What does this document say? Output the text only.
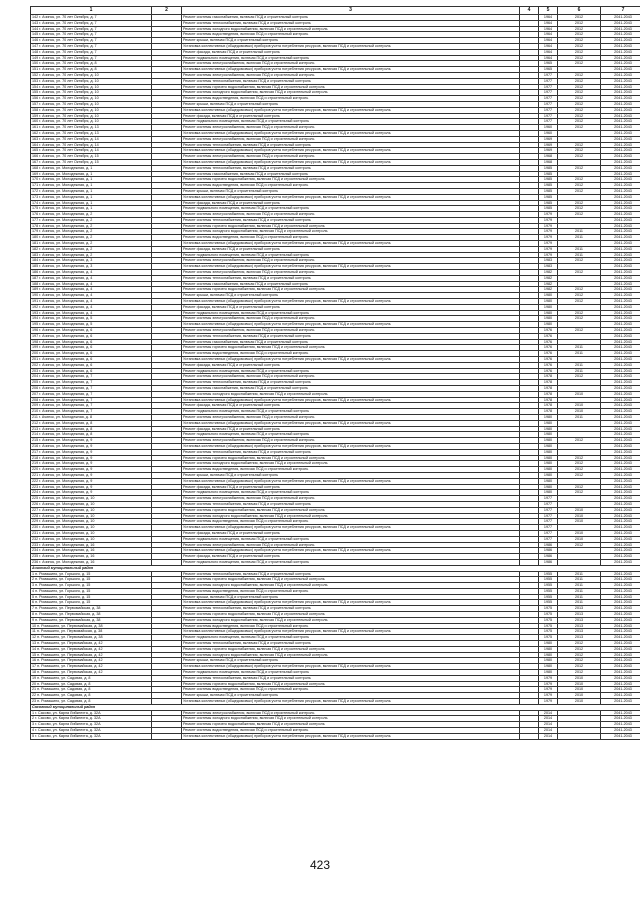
1	2	3	4	5	6	7
142 г. Ачинск, ул. 70 лет Октября, д. 7		Ремонт системы газоснабжения, включая ПСД и строительный контроль		1964	2012	2041-2043
143 г. Ачинск, ул. 70 лет Октября, д. 7		Ремонт системы теплоснабжения, включая ПСД и строительный контроль		1964	2012	2041-2043
144 г. Ачинск, ул. 70 лет Октября, д. 7		Ремонт системы холодного водоснабжения, включая ПСД и строительный контроль		1964	2012	2041-2043
145 г. Ачинск, ул. 70 лет Октября, д. 7		Ремонт системы водоотведения, включая ПСД и строительный контроль		1964	2012	2041-2043
146 г. Ачинск, ул. 70 лет Октября, д. 7		Ремонт крыши, включая ПСД и строительный контроль		1964	2012	2041-2043
147 г. Ачинск, ул. 70 лет Октября, д. 7		Установка коллективных (общедомовых) приборов учета потребления ресурсов, включая ПСД и строительный контроль		1964	2012	2041-2043
148 г. Ачинск, ул. 70 лет Октября, д. 7		Ремонт фасада, включая ПСД и строительный контроль		1964	2012	2041-2043
149 г. Ачинск, ул. 70 лет Октября, д. 7		Ремонт подвального помещения, включая ПСД и строительный контроль		1964	2012	2041-2043
150 г. Ачинск, ул. 70 лет Октября, д. 8		Ремонт системы электроснабжения, включая ПСД и строительный контроль		1965	2012	2041-2043
151 г. Ачинск, ул. 70 лет Октября, д. 8		Установка коллективных (общедомовых) приборов учета потребления ресурсов, включая ПСД и строительный контроль		1965		2041-2043
152 г. Ачинск, ул. 70 лет Октября, д. 10		Ремонт системы электроснабжения, включая ПСД и строительный контроль		1977	2012	2041-2043
153 г. Ачинск, ул. 70 лет Октября, д. 10		Ремонт системы теплоснабжения, включая ПСД и строительный контроль		1977	2012	2041-2043
154 г. Ачинск, ул. 70 лет Октября, д. 10		Ремонт системы горячего водоснабжения, включая ПСД и строительный контроль		1977	2012	2041-2043
155 г. Ачинск, ул. 70 лет Октября, д. 10		Ремонт системы холодного водоснабжения, включая ПСД и строительный контроль		1977	2012	2041-2043
156 г. Ачинск, ул. 70 лет Октября, д. 10		Ремонт системы водоотведения, включая ПСД и строительный контроль		1977	2012	2041-2043
157 г. Ачинск, ул. 70 лет Октября, д. 10		Ремонт крыши, включая ПСД и строительный контроль		1977	2012	2041-2043
158 г. Ачинск, ул. 70 лет Октября, д. 10		Установка коллективных (общедомовых) приборов учета потребления ресурсов, включая ПСД и строительный контроль		1977	2012	2041-2043
159 г. Ачинск, ул. 70 лет Октября, д. 10		Ремонт фасада, включая ПСД и строительный контроль		1977	2012	2041-2043
160 г. Ачинск, ул. 70 лет Октября, д. 10		Ремонт подвального помещения, включая ПСД и строительный контроль		1977	2012	2041-2043
161 г. Ачинск, ул. 70 лет Октября, д. 13		Ремонт системы электроснабжения, включая ПСД и строительный контроль		1960	2012	2041-2043
162 г. Ачинск, ул. 70 лет Октября, д. 13		Установка коллективных (общедомовых) приборов учета потребления ресурсов, включая ПСД и строительный контроль		1960		2041-2043
163 г. Ачинск, ул. 70 лет Октября, д. 14		Ремонт системы электроснабжения, включая ПСД и строительный контроль		1969		2041-2043
164 г. Ачинск, ул. 70 лет Октября, д. 14		Ремонт системы теплоснабжения, включая ПСД и строительный контроль		1969	2012	2041-2043
165 г. Ачинск, ул. 70 лет Октября, д. 14		Установка коллективных (общедомовых) приборов учета потребления ресурсов, включая ПСД и строительный контроль		1969	2012	2041-2043
166 г. Ачинск, ул. 70 лет Октября, д. 15		Ремонт системы электроснабжения, включая ПСД и строительный контроль		1968	2012	2041-2043
167 г. Ачинск, ул. 70 лет Октября, д. 15		Установка коллективных (общедомовых) приборов учета потребления ресурсов, включая ПСД и строительный контроль		1968		2041-2043
168 г. Ачинск, ул. Молодежная, д. 1		Ремонт системы теплоснабжения, включая ПСД и строительный контроль		1985	2012	2041-2043
169 г. Ачинск, ул. Молодежная, д. 1		Ремонт системы газоснабжения, включая ПСД и строительный контроль		1985		2041-2043
170 г. Ачинск, ул. Молодежная, д. 1		Ремонт системы горячего водоснабжения, включая ПСД и строительный контроль		1985	2012	2041-2043
171 г. Ачинск, ул. Молодежная, д. 1		Ремонт системы водоотведения, включая ПСД и строительный контроль		1985	2012	2041-2043
172 г. Ачинск, ул. Молодежная, д. 1		Ремонт крыши, включая ПСД и строительный контроль		1985	2012	2041-2043
173 г. Ачинск, ул. Молодежная, д. 1		Установка коллективных (общедомовых) приборов учета потребления ресурсов, включая ПСД и строительный контроль		1985		2041-2043
174 г. Ачинск, ул. Молодежная, д. 1		Ремонт фасада, включая ПСД и строительный контроль		1985	2012	2041-2043
175 г. Ачинск, ул. Молодежная, д. 1		Ремонт подвального помещения, включая ПСД и строительный контроль		1985	2012	2041-2043
176 г. Ачинск, ул. Молодежная, д. 2		Ремонт системы электроснабжения, включая ПСД и строительный контроль		1979	2012	2041-2043
177 г. Ачинск, ул. Молодежная, д. 2		Ремонт системы теплоснабжения, включая ПСД и строительный контроль		1979		2041-2043
178 г. Ачинск, ул. Молодежная, д. 2		Ремонт системы горячего водоснабжения, включая ПСД и строительный контроль		1979		2041-2043
179 г. Ачинск, ул. Молодежная, д. 2		Ремонт системы холодного водоснабжения, включая ПСД и строительный контроль		1979	2011	2041-2043
180 г. Ачинск, ул. Молодежная, д. 2		Ремонт системы водоотведения, включая ПСД и строительный контроль		1979	2011	2041-2043
181 г. Ачинск, ул. Молодежная, д. 2		Установка коллективных (общедомовых) приборов учета потребления ресурсов, включая ПСД и строительный контроль		1979		2041-2043
182 г. Ачинск, ул. Молодежная, д. 2		Ремонт фасада, включая ПСД и строительный контроль		1979	2011	2041-2043
183 г. Ачинск, ул. Молодежная, д. 2		Ремонт подвального помещения, включая ПСД и строительный контроль		1979	2011	2041-2043
184 г. Ачинск, ул. Молодежная, д. 3		Ремонт системы электроснабжения, включая ПСД и строительный контроль		1983	2012	2041-2043
185 г. Ачинск, ул. Молодежная, д. 3		Установка коллективных (общедомовых) приборов учета потребления ресурсов, включая ПСД и строительный контроль		1983		2041-2043
186 г. Ачинск, ул. Молодежная, д. 4		Ремонт системы электроснабжения, включая ПСД и строительный контроль		1982	2012	2041-2043
187 г. Ачинск, ул. Молодежная, д. 4		Ремонт системы теплоснабжения, включая ПСД и строительный контроль		1982		2041-2043
188 г. Ачинск, ул. Молодежная, д. 4		Ремонт системы газоснабжения, включая ПСД и строительный контроль		1982		2041-2043
189 г. Ачинск, ул. Молодежная, д. 4		Ремонт системы горячего водоснабжения, включая ПСД и строительный контроль		1982	2012	2041-2043
190 г. Ачинск, ул. Молодежная, д. 4		Ремонт крыши, включая ПСД и строительный контроль		1980	2012	2041-2043
191 г. Ачинск, ул. Молодежная, д. 4		Установка коллективных (общедомовых) приборов учета потребления ресурсов, включая ПСД и строительный контроль		1980	2012	2041-2043
192 г. Ачинск, ул. Молодежная, д. 4		Ремонт фасада, включая ПСД и строительный контроль		1980		2041-2043
193 г. Ачинск, ул. Молодежная, д. 4		Ремонт подвального помещения, включая ПСД и строительный контроль		1980	2012	2041-2043
194 г. Ачинск, ул. Молодежная, д. 5		Ремонт системы электроснабжения, включая ПСД и строительный контроль		1980	2012	2041-2043
195 г. Ачинск, ул. Молодежная, д. 5		Установка коллективных (общедомовых) приборов учета потребления ресурсов, включая ПСД и строительный контроль		1980		2041-2043
196 г. Ачинск, ул. Молодежная, д. 6		Ремонт системы электроснабжения, включая ПСД и строительный контроль		1976	2012	2041-2043
197 г. Ачинск, ул. Молодежная, д. 6		Ремонт системы теплоснабжения, включая ПСД и строительный контроль		1976		2041-2043
198 г. Ачинск, ул. Молодежная, д. 6		Ремонт системы газоснабжения, включая ПСД и строительный контроль		1976		2041-2043
199 г. Ачинск, ул. Молодежная, д. 6		Ремонт системы горячего водоснабжения, включая ПСД и строительный контроль		1976	2011	2041-2043
200 г. Ачинск, ул. Молодежная, д. 6		Ремонт системы водоотведения, включая ПСД и строительный контроль		1976	2011	2041-2043
201 г. Ачинск, ул. Молодежная, д. 6		Установка коллективных (общедомовых) приборов учета потребления ресурсов, включая ПСД и строительный контроль		1976		2041-2043
202 г. Ачинск, ул. Молодежная, д. 6		Ремонт фасада, включая ПСД и строительный контроль		1976	2011	2041-2043
203 г. Ачинск, ул. Молодежная, д. 6		Ремонт подвального помещения, включая ПСД и строительный контроль		1976	2011	2041-2043
204 г. Ачинск, ул. Молодежная, д. 7		Ремонт системы электроснабжения, включая ПСД и строительный контроль		1978	2012	2041-2043
205 г. Ачинск, ул. Молодежная, д. 7		Ремонт системы теплоснабжения, включая ПСД и строительный контроль		1978		2041-2043
206 г. Ачинск, ул. Молодежная, д. 7		Ремонт системы газоснабжения, включая ПСД и строительный контроль		1978		2041-2043
207 г. Ачинск, ул. Молодежная, д. 7		Ремонт системы холодного водоснабжения, включая ПСД и строительный контроль		1978	2010	2041-2043
208 г. Ачинск, ул. Молодежная, д. 7		Установка коллективных (общедомовых) приборов учета потребления ресурсов, включая ПСД и строительный контроль		1978		2041-2043
209 г. Ачинск, ул. Молодежная, д. 7		Ремонт фасада, включая ПСД и строительный контроль		1978	2010	2041-2043
210 г. Ачинск, ул. Молодежная, д. 7		Ремонт подвального помещения, включая ПСД и строительный контроль		1978	2010	2041-2043
211 г. Ачинск, ул. Молодежная, д. 8		Ремонт системы электроснабжения, включая ПСД и строительный контроль		1980	2011	2041-2043
212 г. Ачинск, ул. Молодежная, д. 8		Установка коллективных (общедомовых) приборов учета потребления ресурсов, включая ПСД и строительный контроль		1980		2041-2043
213 г. Ачинск, ул. Молодежная, д. 8		Ремонт фасада, включая ПСД и строительный контроль		1980		2041-2043
214 г. Ачинск, ул. Молодежная, д. 8		Ремонт подвального помещения, включая ПСД и строительный контроль		1980		2041-2043
215 г. Ачинск, ул. Молодежная, д. 9		Ремонт системы электроснабжения, включая ПСД и строительный контроль		1980	2012	2041-2043
216 г. Ачинск, ул. Молодежная, д. 9		Установка коллективных (общедомовых) приборов учета потребления ресурсов, включая ПСД и строительный контроль		1980		2041-2043
217 г. Ачинск, ул. Молодежная, д. 9		Ремонт системы теплоснабжения, включая ПСД и строительный контроль		1980		2041-2043
218 г. Ачинск, ул. Молодежная, д. 9		Ремонт системы горячего водоснабжения, включая ПСД и строительный контроль		1980	2012	2041-2043
219 г. Ачинск, ул. Молодежная, д. 9		Ремонт системы холодного водоснабжения, включая ПСД и строительный контроль		1980	2012	2041-2043
220 г. Ачинск, ул. Молодежная, д. 9		Ремонт системы водоотведения, включая ПСД и строительный контроль		1980	2012	2041-2043
221 г. Ачинск, ул. Молодежная, д. 9		Ремонт крыши, включая ПСД и строительный контроль		1980	2012	2041-2043
222 г. Ачинск, ул. Молодежная, д. 9		Установка коллективных (общедомовых) приборов учета потребления ресурсов, включая ПСД и строительный контроль		1980		2041-2043
223 г. Ачинск, ул. Молодежная, д. 9		Ремонт фасада, включая ПСД и строительный контроль		1980	2012	2041-2043
224 г. Ачинск, ул. Молодежная, д. 9		Ремонт подвального помещения, включая ПСД и строительный контроль		1980	2012	2041-2043
225 г. Ачинск, ул. Молодежная, д. 10		Ремонт системы электроснабжения, включая ПСД и строительный контроль		1977		2041-2043
226 г. Ачинск, ул. Молодежная, д. 10		Ремонт системы теплоснабжения, включая ПСД и строительный контроль		1977		2041-2043
227 г. Ачинск, ул. Молодежная, д. 10		Ремонт системы горячего водоснабжения, включая ПСД и строительный контроль		1977	2010	2041-2043
228 г. Ачинск, ул. Молодежная, д. 10		Ремонт системы холодного водоснабжения, включая ПСД и строительный контроль		1977	2010	2041-2043
229 г. Ачинск, ул. Молодежная, д. 10		Ремонт системы водоотведения, включая ПСД и строительный контроль		1977	2010	2041-2043
230 г. Ачинск, ул. Молодежная, д. 10		Установка коллективных (общедомовых) приборов учета потребления ресурсов, включая ПСД и строительный контроль		1977		2041-2043
231 г. Ачинск, ул. Молодежная, д. 10		Ремонт фасада, включая ПСД и строительный контроль		1977	2010	2041-2043
232 г. Ачинск, ул. Молодежная, д. 10		Ремонт подвального помещения, включая ПСД и строительный контроль		1977	2010	2041-2043
233 г. Ачинск, ул. Молодежная, д. 16		Ремонт системы электроснабжения, включая ПСД и строительный контроль		1986	2012	2041-2043
234 г. Ачинск, ул. Молодежная, д. 16		Установка коллективных (общедомовых) приборов учета потребления ресурсов, включая ПСД и строительный контроль		1986		2041-2043
235 г. Ачинск, ул. Молодежная, д. 16		Ремонт фасада, включая ПСД и строительный контроль		1986		2041-2043
236 г. Ачинск, ул. Молодежная, д. 16		Ремонт подвального помещения, включая ПСД и строительный контроль		1986		2041-2043
Ачинский муниципальный район						
1 п. Ромашино, ул. Горького, д. 15		Ремонт системы теплоснабжения, включая ПСД и строительный контроль		1955	2011	2041-2043
2 п. Ромашино, ул. Горького, д. 15		Ремонт системы горячего водоснабжения, включая ПСД и строительный контроль		1955	2011	2041-2043
3 п. Ромашино, ул. Горького, д. 15		Ремонт системы холодного водоснабжения, включая ПСД и строительный контроль		1955	2011	2041-2043
4 п. Ромашино, ул. Горького, д. 15		Ремонт системы водоотведения, включая ПСД и строительный контроль		1955	2011	2041-2043
5 п. Ромашино, ул. Горького, д. 15		Ремонт крыши, включая ПСД и строительный контроль		1955	2011	2041-2043
6 п. Ромашино, ул. Горького, д. 15		Установка коллективных (общедомовых) приборов учета потребления ресурсов, включая ПСД и строительный контроль		1955	2011	2041-2043
7 п. Ромашино, ул. Первомайская, д. 38		Ремонт системы теплоснабжения, включая ПСД и строительный контроль		1975	2013	2041-2043
8 п. Ромашино, ул. Первомайская, д. 38		Ремонт системы горячего водоснабжения, включая ПСД и строительный контроль		1975	2013	2041-2043
9 п. Ромашино, ул. Первомайская, д. 38		Ремонт системы холодного водоснабжения, включая ПСД и строительный контроль		1975	2013	2041-2043
10 п. Ромашино, ул. Первомайская, д. 38		Ремонт системы водоотведения, включая ПСД и строительный контроль		1975	2013	2041-2043
11 п. Ромашино, ул. Первомайская, д. 38		Установка коллективных (общедомовых) приборов учета потребления ресурсов, включая ПСД и строительный контроль		1975	2013	2041-2043
12 п. Ромашино, ул. Первомайская, д. 38		Ремонт подвального помещения, включая ПСД и строительный контроль		1975	2013	2041-2043
13 п. Ромашино, ул. Первомайская, д. 42		Ремонт системы теплоснабжения, включая ПСД и строительный контроль		1980	2012	2041-2043
14 п. Ромашино, ул. Первомайская, д. 42		Ремонт системы горячего водоснабжения, включая ПСД и строительный контроль		1980	2012	2041-2043
15 п. Ромашино, ул. Первомайская, д. 42		Ремонт системы холодного водоснабжения, включая ПСД и строительный контроль		1980	2012	2041-2043
16 п. Ромашино, ул. Первомайская, д. 42		Ремонт крыши, включая ПСД и строительный контроль		1980	2012	2041-2043
17 п. Ромашино, ул. Первомайская, д. 42		Установка коллективных (общедомовых) приборов учета потребления ресурсов, включая ПСД и строительный контроль		1980	2012	2041-2043
18 п. Ромашино, ул. Первомайская, д. 42		Ремонт подвального помещения, включая ПСД и строительный контроль		1980	2012	2041-2043
19 п. Ромашино, ул. Садовая, д. 8		Ремонт системы теплоснабжения, включая ПСД и строительный контроль		1979	2010	2041-2043
20 п. Ромашино, ул. Садовая, д. 8		Ремонт системы горячего водоснабжения, включая ПСД и строительный контроль		1979	2010	2041-2043
21 п. Ромашино, ул. Садовая, д. 8		Ремонт системы водоотведения, включая ПСД и строительный контроль		1979	2010	2041-2043
22 п. Ромашино, ул. Садовая, д. 8		Ремонт крыши, включая ПСД и строительный контроль		1979	2010	2041-2043
23 п. Ромашино, ул. Садовая, д. 8		Установка коллективных (общедомовых) приборов учета потребления ресурсов, включая ПСД и строительный контроль		1979	2010	2041-2043
Сасовский муниципальный район						
1 г. Сасово, ул. Карла Либкнехта, д. 32А		Ремонт системы электроснабжения, включая ПСД и строительный контроль		2014		2041-2043
2 г. Сасово, ул. Карла Либкнехта, д. 32А		Ремонт системы холодного водоснабжения, включая ПСД и строительный контроль		2014		2041-2043
3 г. Сасово, ул. Карла Либкнехта, д. 32А		Ремонт системы горячего водоснабжения, включая ПСД и строительный контроль		2014		2041-2043
4 г. Сасово, ул. Карла Либкнехта, д. 32А		Ремонт системы водоотведения, включая ПСД и строительный контроль		2014		2041-2043
5 г. Сасово, ул. Карла Либкнехта, д. 32А		Установка коллективных (общедомовых) приборов учета потребления ресурсов, включая ПСД и строительный контроль		2014		2041-2043
423
